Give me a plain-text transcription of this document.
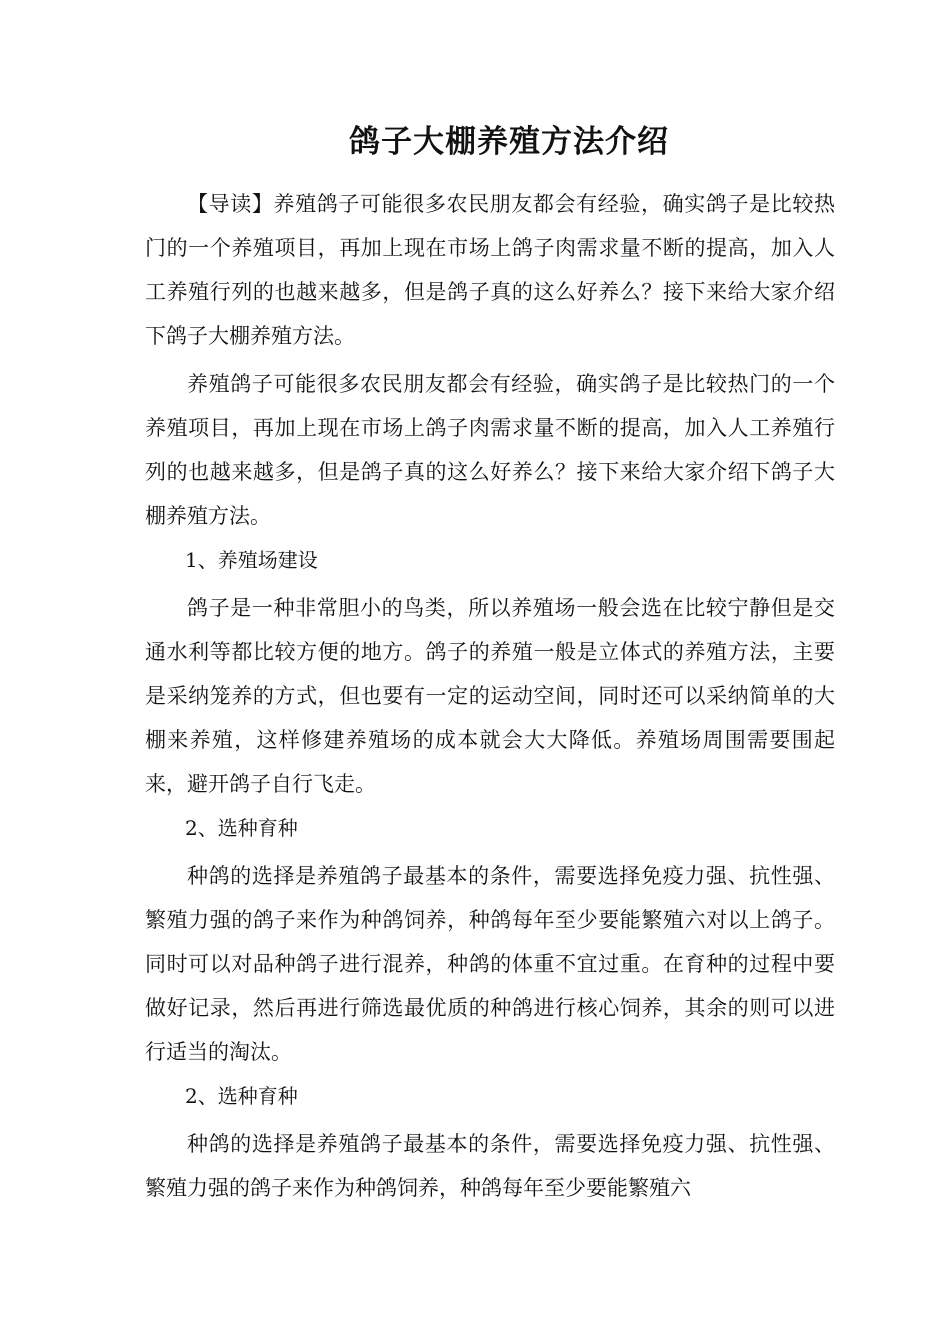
鸽子大棚养殖方法介绍

【导读】养殖鸽子可能很多农民朋友都会有经验，确实鸽子是比较热门的一个养殖项目，再加上现在市场上鸽子肉需求量不断的提高，加入人工养殖行列的也越来越多，但是鸽子真的这么好养么？接下来给大家介绍下鸽子大棚养殖方法。

养殖鸽子可能很多农民朋友都会有经验，确实鸽子是比较热门的一个养殖项目，再加上现在市场上鸽子肉需求量不断的提高，加入人工养殖行列的也越来越多，但是鸽子真的这么好养么？接下来给大家介绍下鸽子大棚养殖方法。

1、养殖场建设

鸽子是一种非常胆小的鸟类，所以养殖场一般会选在比较宁静但是交通水利等都比较方便的地方。鸽子的养殖一般是立体式的养殖方法，主要是采纳笼养的方式，但也要有一定的运动空间，同时还可以采纳简单的大棚来养殖，这样修建养殖场的成本就会大大降低。养殖场周围需要围起来，避开鸽子自行飞走。

2、选种育种

种鸽的选择是养殖鸽子最基本的条件，需要选择免疫力强、抗性强、繁殖力强的鸽子来作为种鸽饲养，种鸽每年至少要能繁殖六对以上鸽子。同时可以对品种鸽子进行混养，种鸽的体重不宜过重。在育种的过程中要做好记录，然后再进行筛选最优质的种鸽进行核心饲养，其余的则可以进行适当的淘汰。

2、选种育种

种鸽的选择是养殖鸽子最基本的条件，需要选择免疫力强、抗性强、繁殖力强的鸽子来作为种鸽饲养，种鸽每年至少要能繁殖六
